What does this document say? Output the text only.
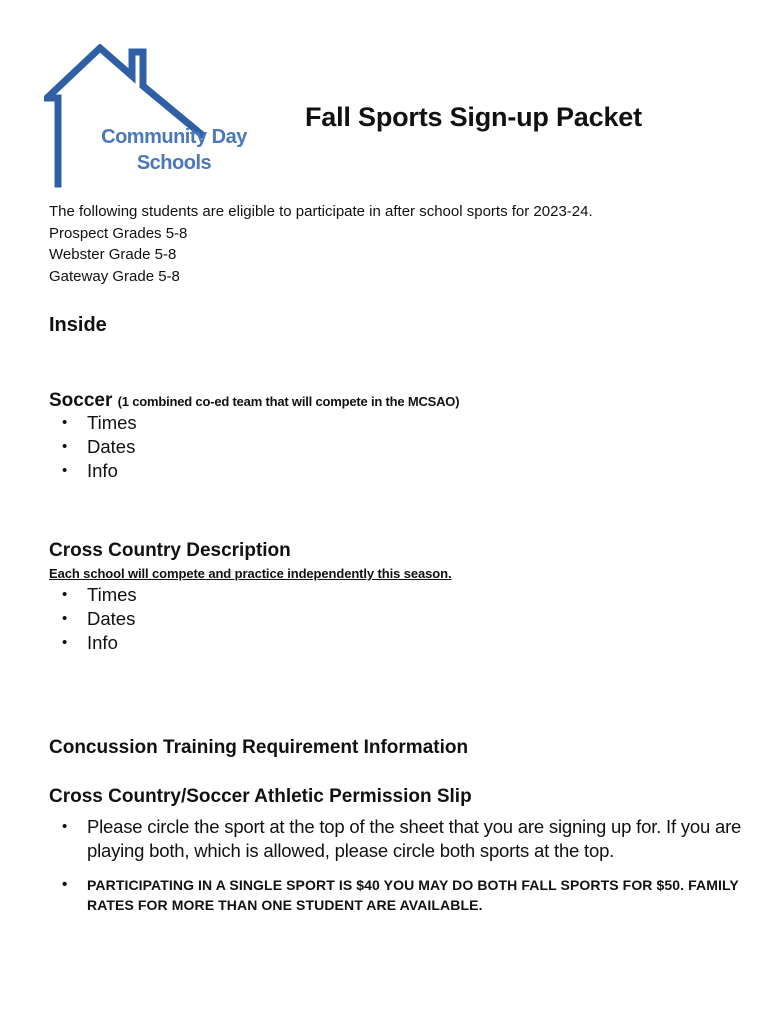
Community Day
Schools
Fall Sports Sign-up Packet
The following students are eligible to participate in after school sports for 2023-24.
Prospect Grades 5-8
Webster Grade 5-8
Gateway Grade 5-8
Inside
Soccer (1 combined co-ed team that will compete in the MCSAO)
• Times
• Dates
• Info
Cross Country Description
Each school will compete and practice independently this season.
• Times
• Dates
• Info
Concussion Training Requirement Information
Cross Country/Soccer Athletic Permission Slip
• Please circle the sport at the top of the sheet that you are signing up for. If you are playing both, which is allowed, please circle both sports at the top.
• PARTICIPATING IN A SINGLE SPORT IS $40 YOU MAY DO BOTH FALL SPORTS FOR $50. FAMILY RATES FOR MORE THAN ONE STUDENT ARE AVAILABLE.
